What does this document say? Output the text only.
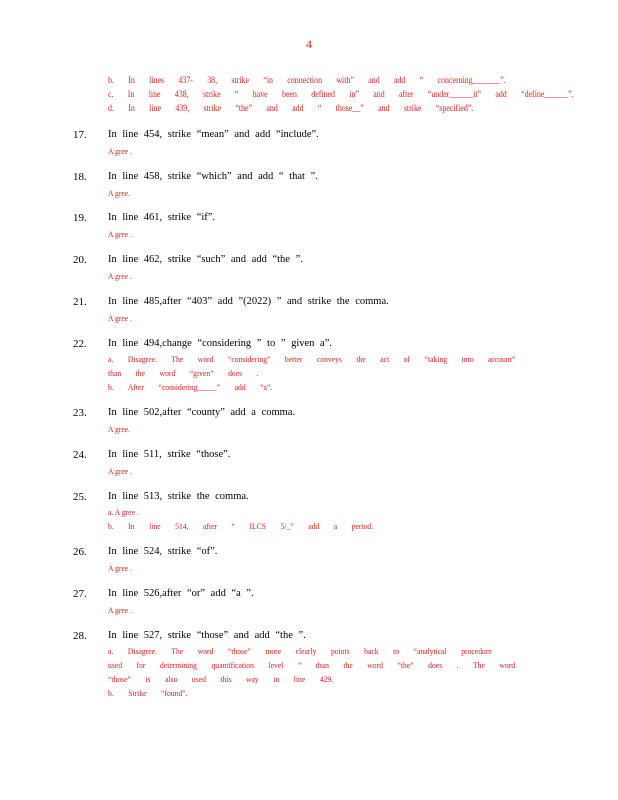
4
b. In lines 437- 38, strike “in connection with” and add “ concerning_______”.
c. In line 438, strike “ have been defined in” and after “under______it” add “define______”.
d. In line 439, strike “the” and add “ those__” and strike “specified”.
17. In line 454, strike “mean” and add “include”.
A gree .
18. In line 458, strike “which” and add “ that ”.
A gree.
19. In line 461, strike “if”.
A gree .
20. In line 462, strike “such” and add “the ”.
A gree .
21. In line 485,after “403” add ”(2022) ” and strike the comma.
A gree .
22. In line 494,change “considering ” to ” given a”.
a. Disagree. The word “considering” better conveys the act of “taking into account”
than the word “given” does .
b. After “considering_____” add “a”.
23. In line 502,after “county” add a comma.
A gree.
24. In line 511, strike “those”.
A gree .
25. In line 513, strike the comma.
a. A gree .
b. In line 514, after “ ILCS 5/_” add a period.
26. In line 524, strike “of”.
A gree .
27. In line 526,after “or” add “a ”.
A gree .
28. In line 527, strike “those” and add “the ”.
a. Disagree. The word “those” more clearly points back to “analytical procedure
used for determining quantification level ” than the word “the” does . The word
“those” is also used this way in line 429.
b. Strike “found”.
